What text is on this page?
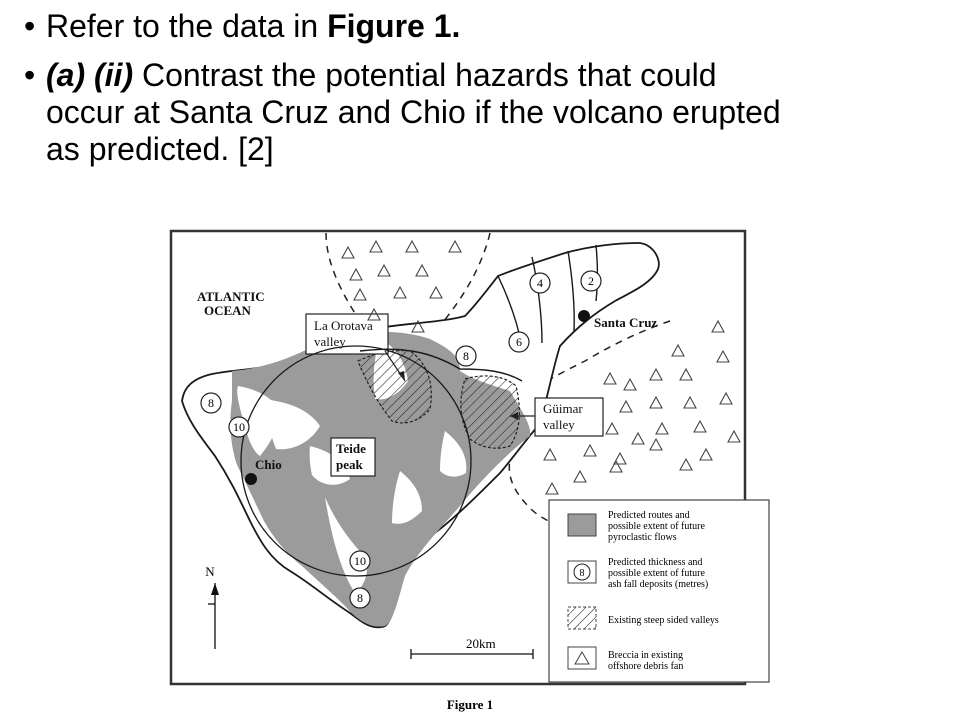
• Refer to the data in Figure 1.
• (a) (ii) Contrast the potential hazards that could
occur at Santa Cruz and Chio if the volcano erupted
as predicted. [2]
2
4
6
8
8
10
10
8
ATLANTIC
OCEAN
La Orotava
valley
Güimar
valley
Teide
peak
Santa Cruz
Chio
N
20km
Predicted routes and
possible extent of future
pyroclastic flows
8
Predicted thickness and
possible extent of future
ash fall deposits (metres)
Existing steep sided valleys
Breccia in existing
offshore debris fan
Figure 1
